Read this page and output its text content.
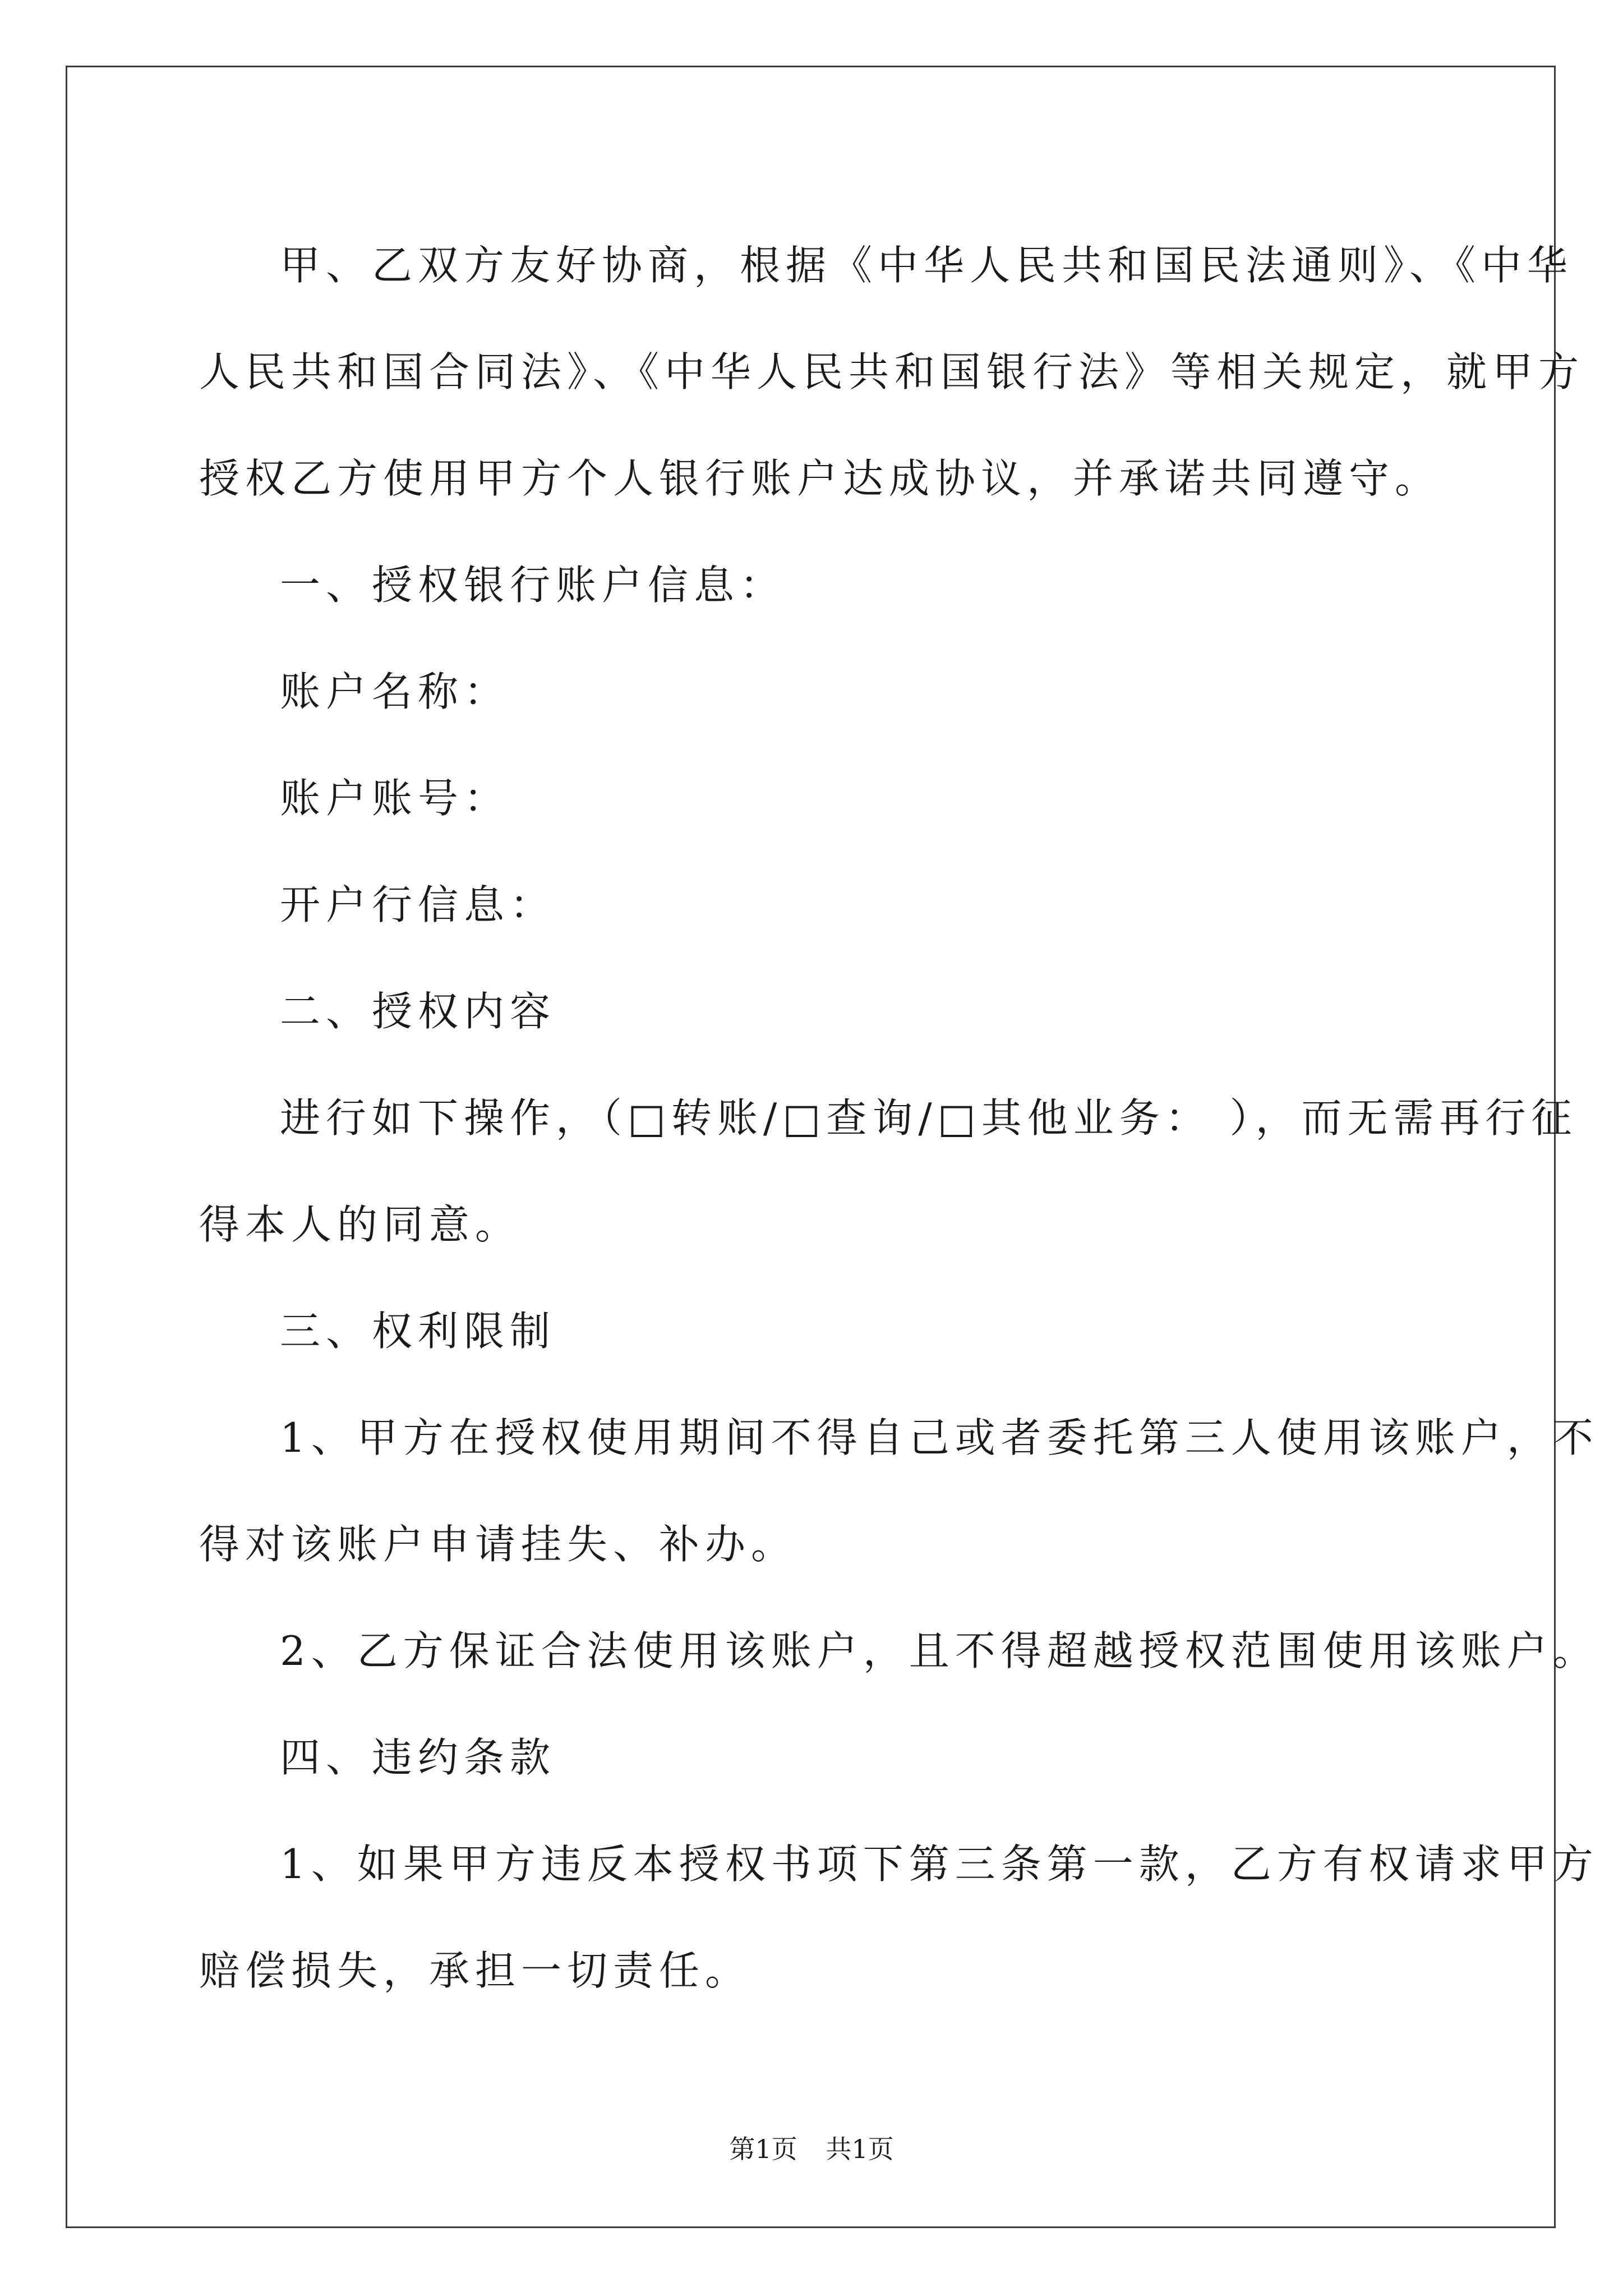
甲、乙双方友好协商，根据《中华人民共和国民法通则》、《中华

人民共和国合同法》、《中华人民共和国银行法》等相关规定，就甲方

授权乙方使用甲方个人银行账户达成协议，并承诺共同遵守。

一、授权银行账户信息：

账户名称：

账户账号：

开户行信息：

二、授权内容

进行如下操作，（□转账/□查询/□其他业务： ），而无需再行征

得本人的同意。

三、权利限制

1、甲方在授权使用期间不得自己或者委托第三人使用该账户，不

得对该账户申请挂失、补办。

2、乙方保证合法使用该账户，且不得超越授权范围使用该账户。

四、违约条款

1、如果甲方违反本授权书项下第三条第一款，乙方有权请求甲方

赔偿损失，承担一切责任。

第1页 共1页
